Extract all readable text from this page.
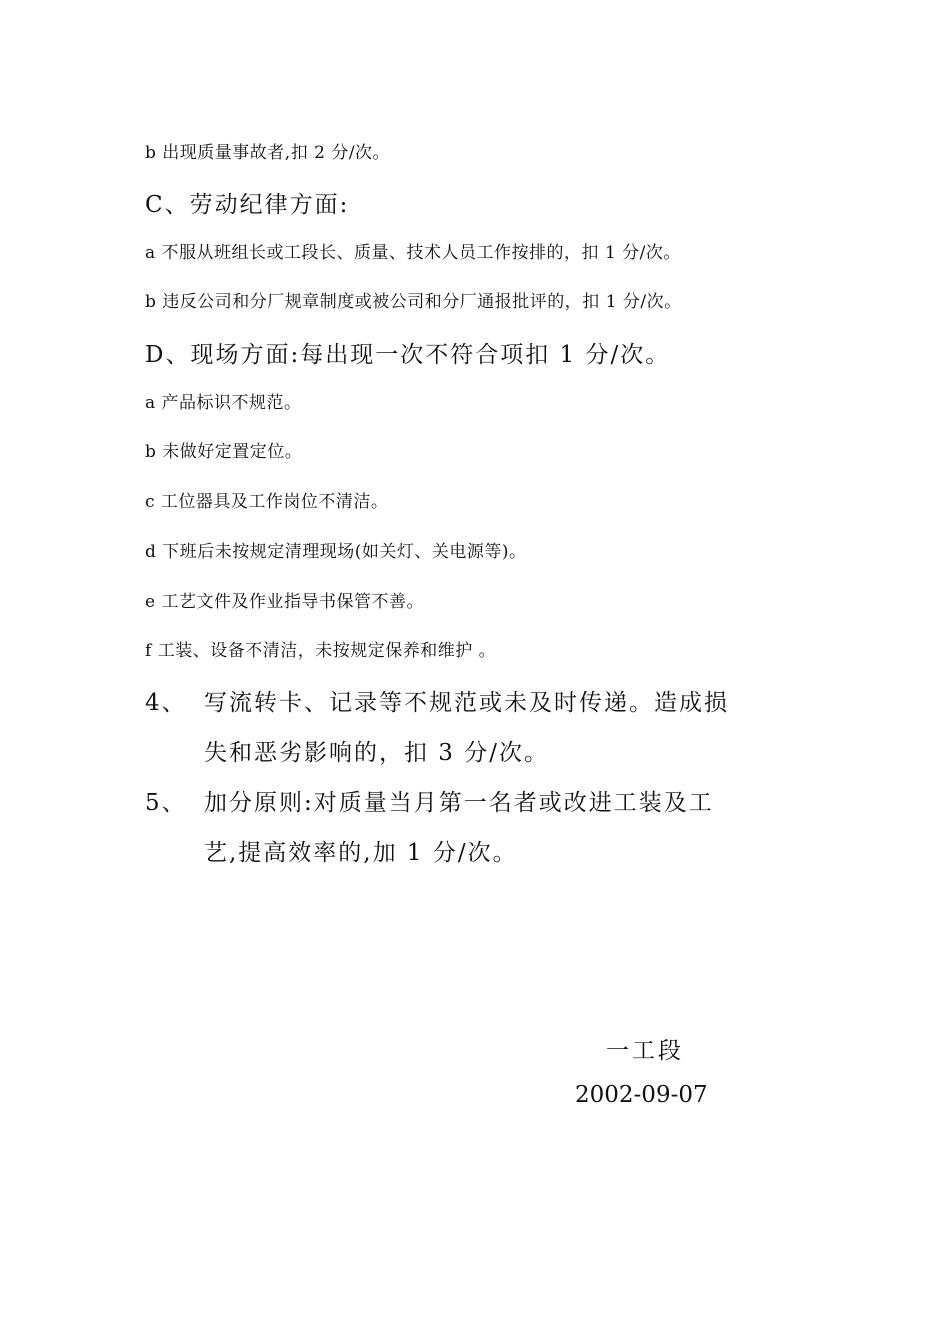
b 出现质量事故者,扣 2 分/次。
C、劳动纪律方面:
a 不服从班组长或工段长、质量、技术人员工作按排的，扣 1 分/次。
b 违反公司和分厂规章制度或被公司和分厂通报批评的，扣 1 分/次。
D、现场方面:每出现一次不符合项扣 1 分/次。
a 产品标识不规范。
b 未做好定置定位。
c 工位器具及工作岗位不清洁。
d 下班后未按规定清理现场(如关灯、关电源等)。
e 工艺文件及作业指导书保管不善。
f 工装、设备不清洁，未按规定保养和维护 。
4、 写流转卡、记录等不规范或未及时传递。造成损
失和恶劣影响的，扣 3 分/次。
5、 加分原则:对质量当月第一名者或改进工装及工
艺,提高效率的,加 1 分/次。
一工段
2002-09-07
